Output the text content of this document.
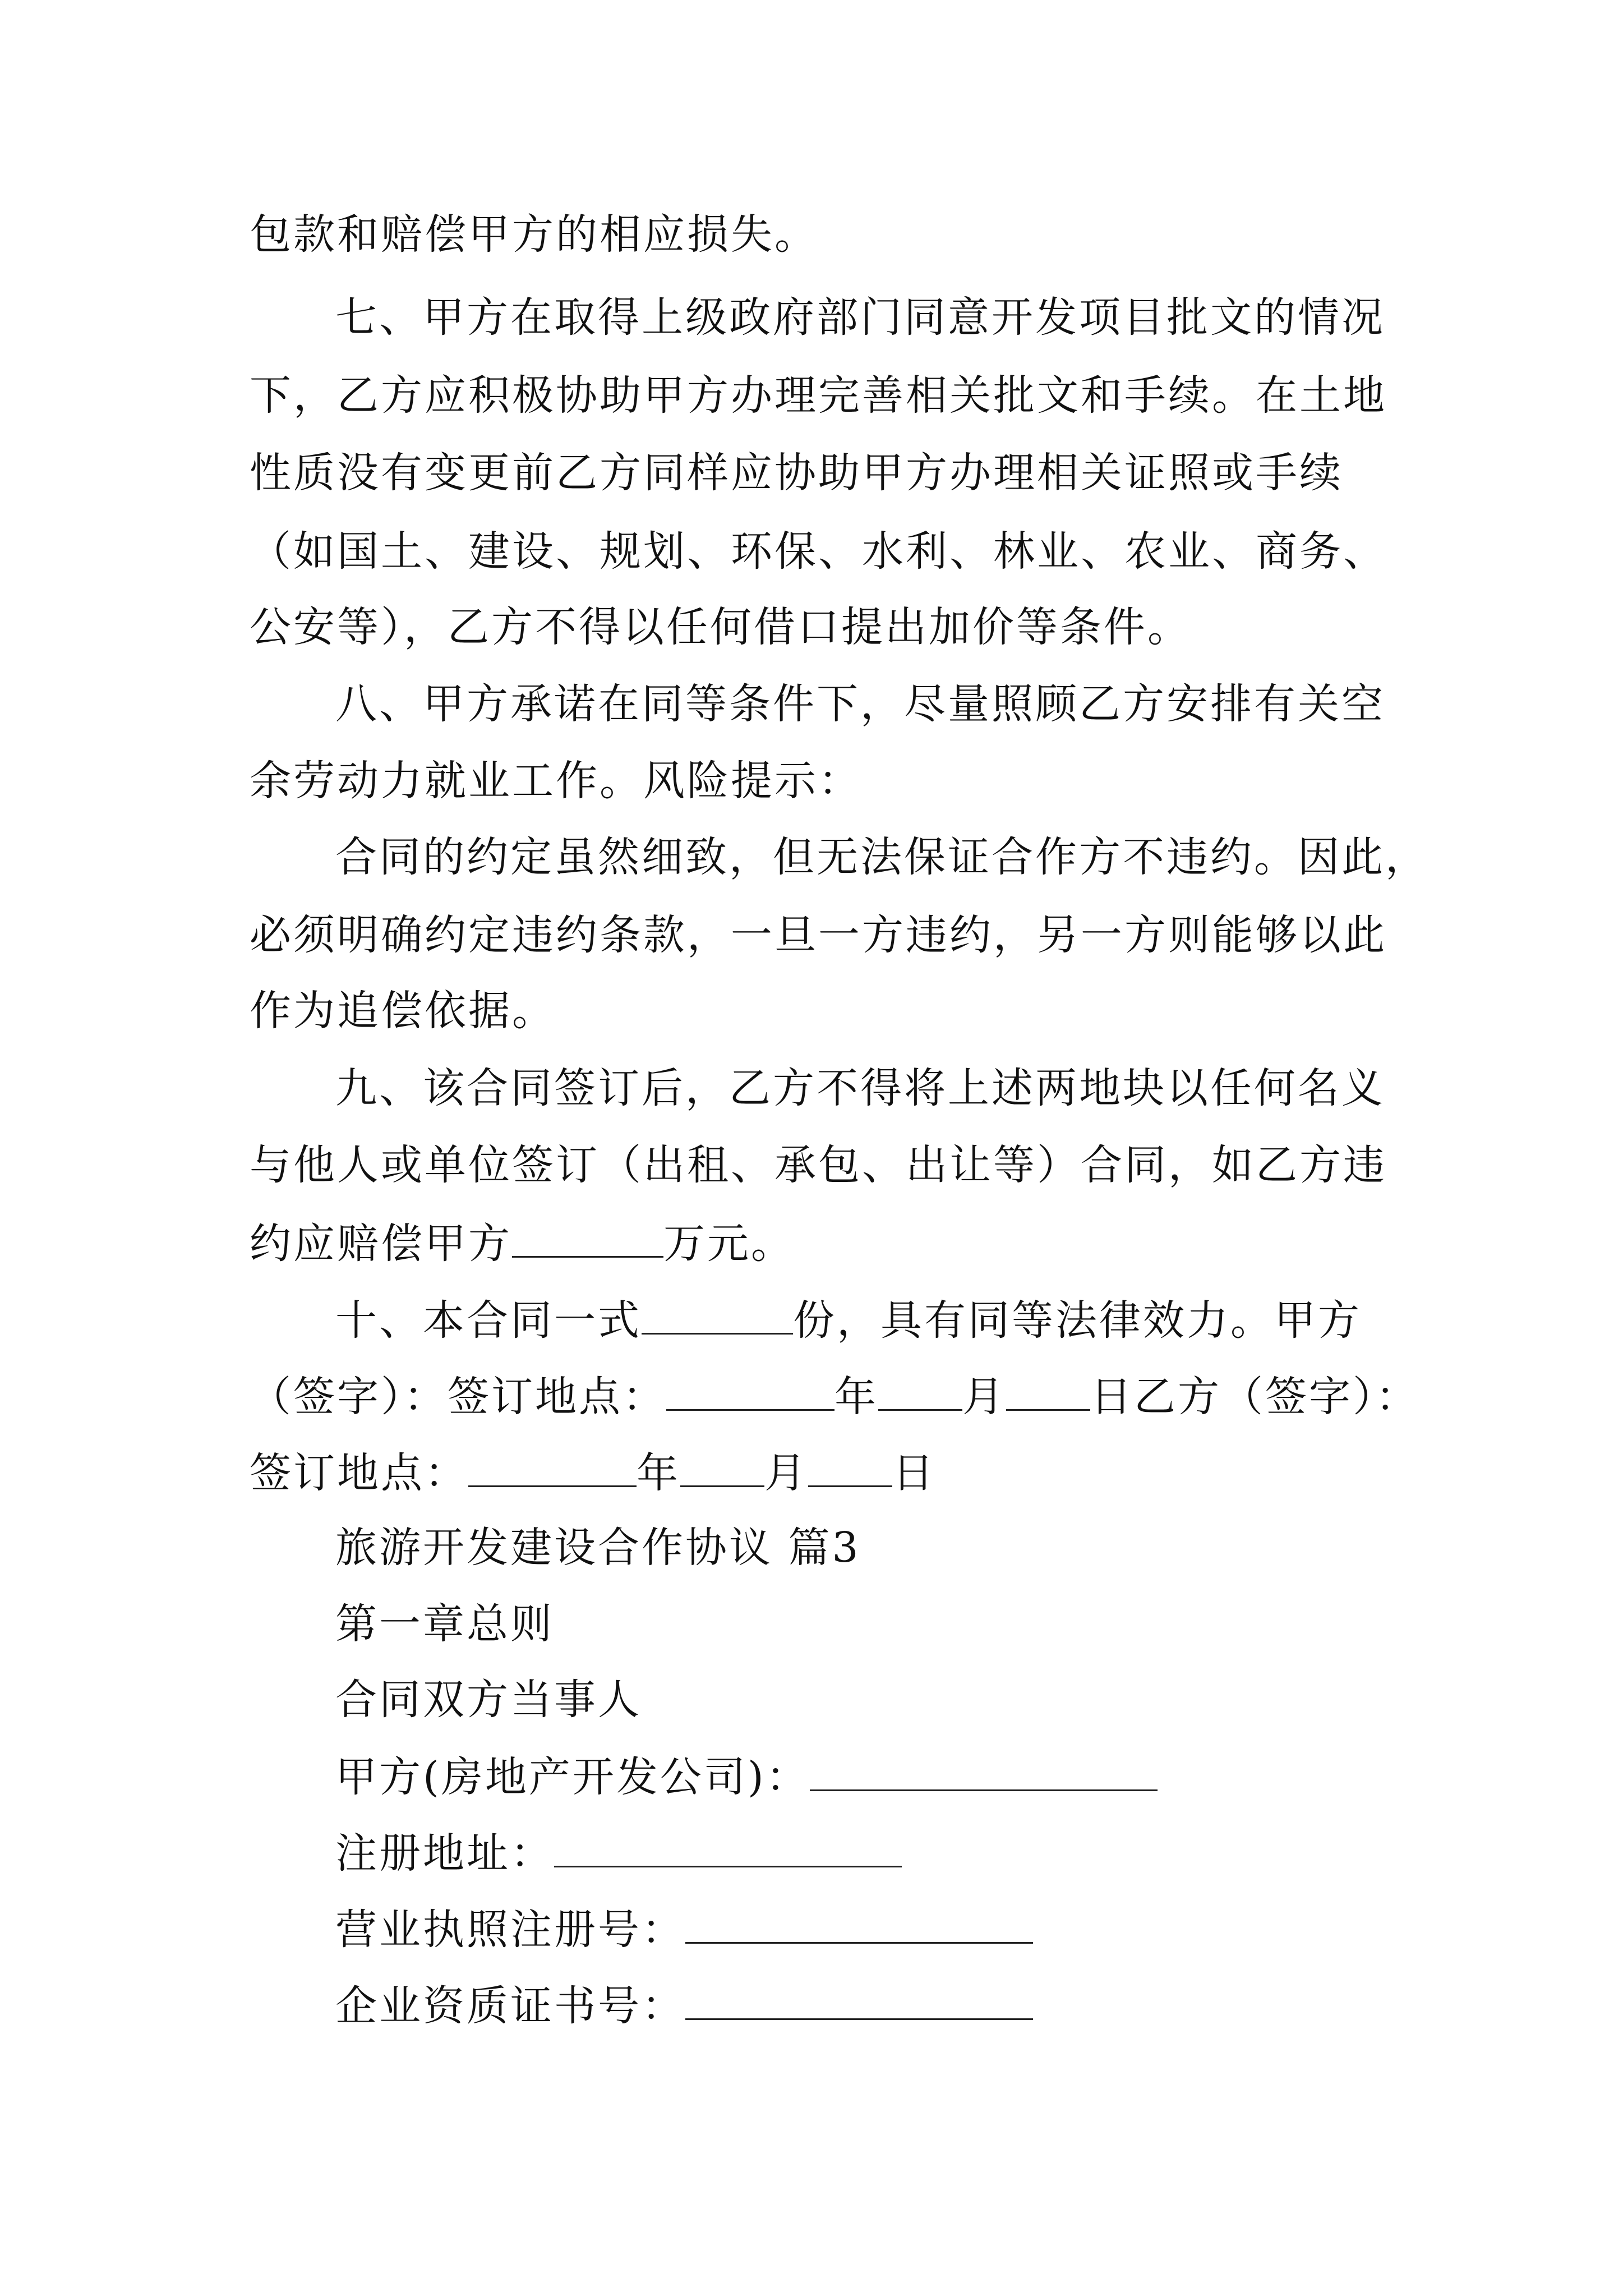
包款和赔偿甲方的相应损失。
七、甲方在取得上级政府部门同意开发项目批文的情况
下，乙方应积极协助甲方办理完善相关批文和手续。在土地
性质没有变更前乙方同样应协助甲方办理相关证照或手续
（如国土、建设、规划、环保、水利、林业、农业、商务、
公安等），乙方不得以任何借口提出加价等条件。
八、甲方承诺在同等条件下，尽量照顾乙方安排有关空
余劳动力就业工作。风险提示：
合同的约定虽然细致，但无法保证合作方不违约。因此，
必须明确约定违约条款，一旦一方违约，另一方则能够以此
作为追偿依据。
九、该合同签订后，乙方不得将上述两地块以任何名义
与他人或单位签订（出租、承包、出让等）合同，如乙方违
约应赔偿甲方	万元。
十、本合同一式	份，具有同等法律效力。甲方
（签字）：签订地点：	年 月 日乙方（签字）：
签订地点：	年 月 日
旅游开发建设合作协议 篇3
第一章总则
合同双方当事人
甲方(房地产开发公司)：
注册地址：
营业执照注册号：
企业资质证书号：
